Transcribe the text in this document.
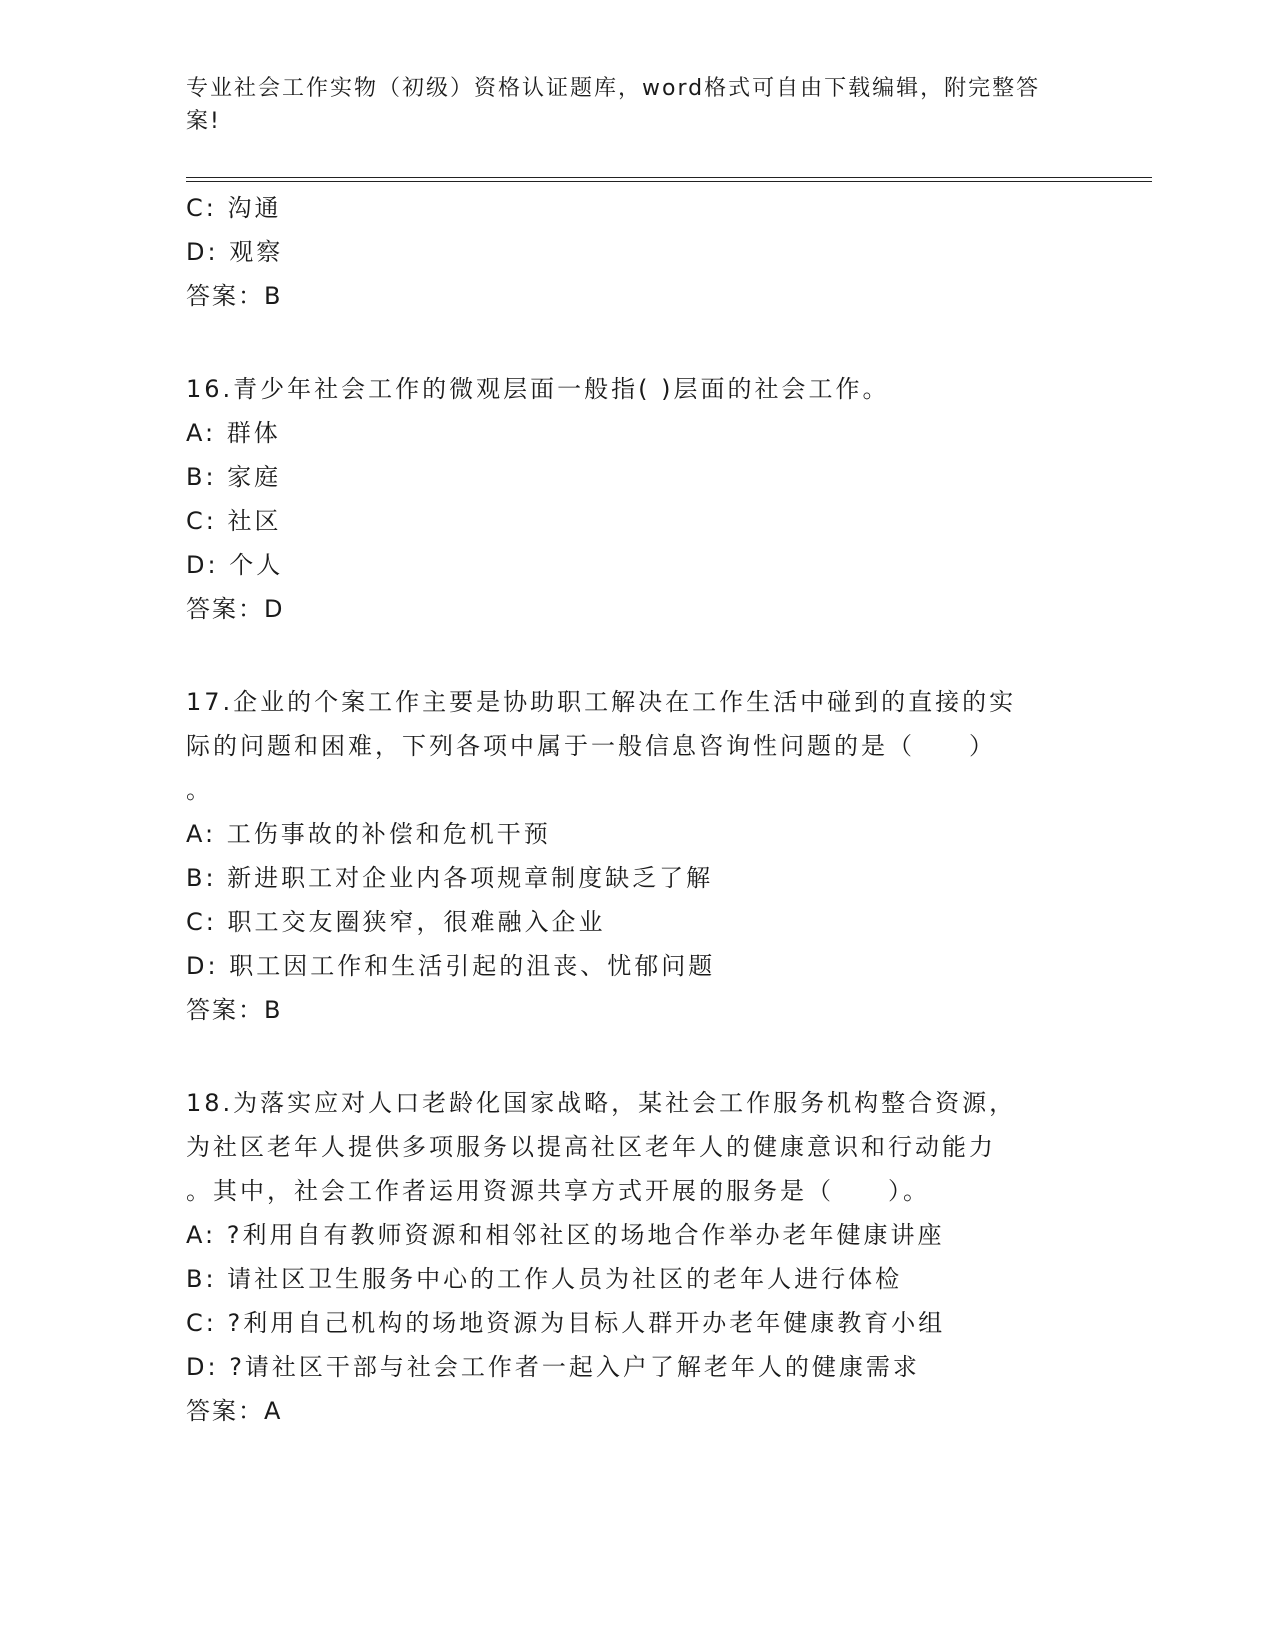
专业社会工作实物（初级）资格认证题库，word格式可自由下载编辑，附完整答
案!
C: 沟通
D: 观察
答案：B
16.青少年社会工作的微观层面一般指( )层面的社会工作。
A: 群体
B: 家庭
C: 社区
D: 个人
答案：D
17.企业的个案工作主要是协助职工解决在工作生活中碰到的直接的实
际的问题和困难，下列各项中属于一般信息咨询性问题的是（　　）
。
A: 工伤事故的补偿和危机干预
B: 新进职工对企业内各项规章制度缺乏了解
C: 职工交友圈狭窄，很难融入企业
D: 职工因工作和生活引起的沮丧、忧郁问题
答案：B
18.为落实应对人口老龄化国家战略，某社会工作服务机构整合资源，
为社区老年人提供多项服务以提高社区老年人的健康意识和行动能力
。其中，社会工作者运用资源共享方式开展的服务是（　　）。
A: ?利用自有教师资源和相邻社区的场地合作举办老年健康讲座
B: 请社区卫生服务中心的工作人员为社区的老年人进行体检
C: ?利用自己机构的场地资源为目标人群开办老年健康教育小组
D: ?请社区干部与社会工作者一起入户了解老年人的健康需求
答案：A
